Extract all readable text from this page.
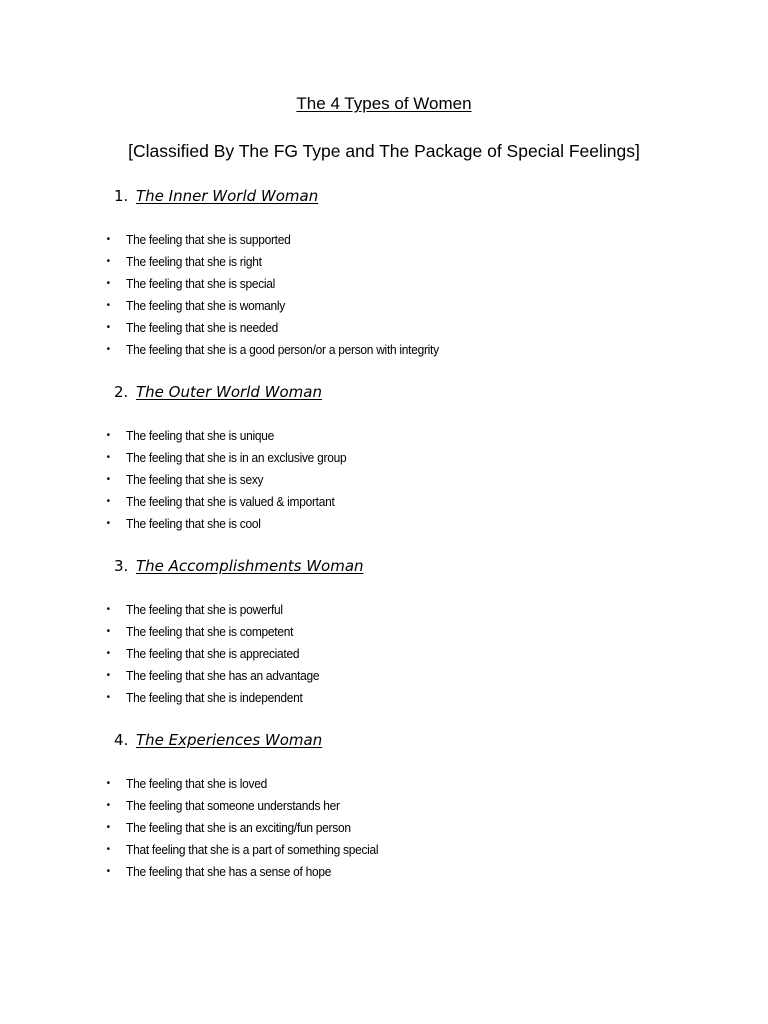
The 4 Types of Women
[Classified By The FG Type and The Package of Special Feelings]
1. The Inner World Woman
• The feeling that she is supported
• The feeling that she is right
• The feeling that she is special
• The feeling that she is womanly
• The feeling that she is needed
• The feeling that she is a good person/or a person with integrity
2. The Outer World Woman
• The feeling that she is unique
• The feeling that she is in an exclusive group
• The feeling that she is sexy
• The feeling that she is valued & important
• The feeling that she is cool
3. The Accomplishments Woman
• The feeling that she is powerful
• The feeling that she is competent
• The feeling that she is appreciated
• The feeling that she has an advantage
• The feeling that she is independent
4. The Experiences Woman
• The feeling that she is loved
• The feeling that someone understands her
• The feeling that she is an exciting/fun person
• That feeling that she is a part of something special
• The feeling that she has a sense of hope
